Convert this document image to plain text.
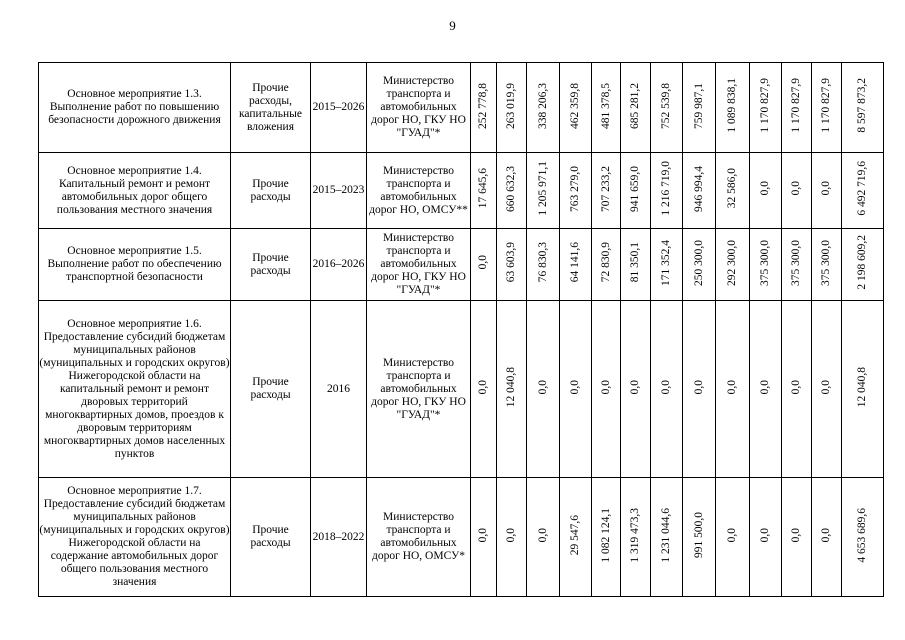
9
Основное мероприятие 1.3. Выполнение работ по повышению безопасности дорожного движения	Прочие расходы, капитальные вложения	2015–2026	Министерство транспорта и автомобильных дорог НО, ГКУ НО "ГУАД"*	252 778,8	263 019,9	338 206,3	462 359,8	481 378,5	685 281,2	752 539,8	759 987,1	1 089 838,1	1 170 827,9	1 170 827,9	1 170 827,9	8 597 873,2
Основное мероприятие 1.4. Капитальный ремонт и ремонт автомобильных дорог общего пользования местного значения	Прочие расходы	2015–2023	Министерство транспорта и автомобильных дорог НО, ОМСУ**	17 645,6	660 632,3	1 205 971,1	763 279,0	707 233,2	941 659,0	1 216 719,0	946 994,4	32 586,0	0,0	0,0	0,0	6 492 719,6
Основное мероприятие 1.5. Выполнение работ по обеспечению транспортной безопасности	Прочие расходы	2016–2026	Министерство транспорта и автомобильных дорог НО, ГКУ НО "ГУАД"*	0,0	63 603,9	76 830,3	64 141,6	72 830,9	81 350,1	171 352,4	250 300,0	292 300,0	375 300,0	375 300,0	375 300,0	2 198 609,2
Основное мероприятие 1.6. Предоставление субсидий бюджетам муниципальных районов (муниципальных и городских округов) Нижегородской области на капитальный ремонт и ремонт дворовых территорий многоквартирных домов, проездов к дворовым территориям многоквартирных домов населенных пунктов	Прочие расходы	2016	Министерство транспорта и автомобильных дорог НО, ГКУ НО "ГУАД"*	0,0	12 040,8	0,0	0,0	0,0	0,0	0,0	0,0	0,0	0,0	0,0	0,0	12 040,8
Основное мероприятие 1.7. Предоставление субсидий бюджетам муниципальных районов (муниципальных и городских округов) Нижегородской области на содержание автомобильных дорог общего пользования местного значения	Прочие расходы	2018–2022	Министерство транспорта и автомобильных дорог НО, ОМСУ*	0,0	0,0	0,0	29 547,6	1 082 124,1	1 319 473,3	1 231 044,6	991 500,0	0,0	0,0	0,0	0,0	4 653 689,6
